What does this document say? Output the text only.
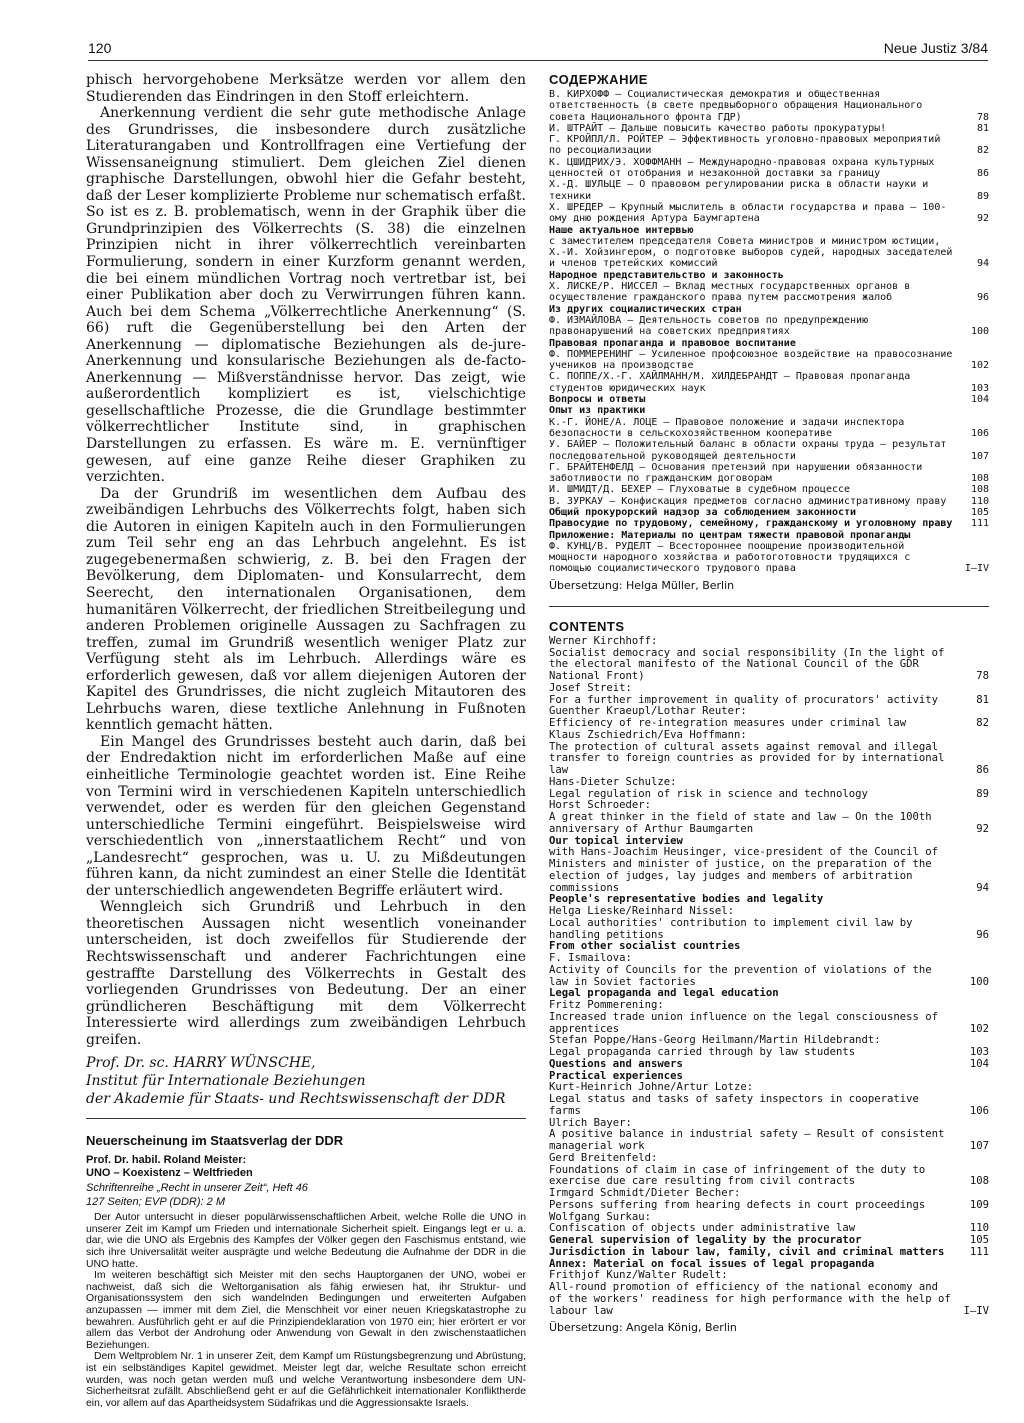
120	Neue Justiz 3/84

phisch hervorgehobene Merksätze werden vor allem den Studierenden das Eindringen in den Stoff erleichtern.

Anerkennung verdient die sehr gute methodische Anlage des Grundrisses, die insbesondere durch zusätzliche Literaturangaben und Kontrollfragen eine Vertiefung der Wissensaneignung stimuliert. Dem gleichen Ziel dienen graphische Darstellungen, obwohl hier die Gefahr besteht, daß der Leser komplizierte Probleme nur schematisch erfaßt. So ist es z. B. problematisch, wenn in der Graphik über die Grundprinzipien des Völkerrechts (S. 38) die einzelnen Prinzipien nicht in ihrer völkerrechtlich vereinbarten Formulierung, sondern in einer Kurzform genannt werden, die bei einem mündlichen Vortrag noch vertretbar ist, bei einer Publikation aber doch zu Verwirrungen führen kann. Auch bei dem Schema „Völkerrechtliche Anerkennung“ (S. 66) ruft die Gegenüberstellung bei den Arten der Anerkennung — diplomatische Beziehungen als de-jure-Anerkennung und konsularische Beziehungen als de-facto-Anerkennung — Mißverständnisse hervor. Das zeigt, wie außerordentlich kompliziert es ist, vielschichtige gesellschaftliche Prozesse, die die Grundlage bestimmter völkerrechtlicher Institute sind, in graphischen Darstellungen zu erfassen. Es wäre m. E. vernünftiger gewesen, auf eine ganze Reihe dieser Graphiken zu verzichten.

Da der Grundriß im wesentlichen dem Aufbau des zweibändigen Lehrbuchs des Völkerrechts folgt, haben sich die Autoren in einigen Kapiteln auch in den Formulierungen zum Teil sehr eng an das Lehrbuch angelehnt. Es ist zugegebenermaßen schwierig, z. B. bei den Fragen der Bevölkerung, dem Diplomaten- und Konsularrecht, dem Seerecht, den internationalen Organisationen, dem humanitären Völkerrecht, der friedlichen Streitbeilegung und anderen Problemen originelle Aussagen zu Sachfragen zu treffen, zumal im Grundriß wesentlich weniger Platz zur Verfügung steht als im Lehrbuch. Allerdings wäre es erforderlich gewesen, daß vor allem diejenigen Autoren der Kapitel des Grundrisses, die nicht zugleich Mitautoren des Lehrbuchs waren, diese textliche Anlehnung in Fußnoten kenntlich gemacht hätten.

Ein Mangel des Grundrisses besteht auch darin, daß bei der Endredaktion nicht im erforderlichen Maße auf eine einheitliche Terminologie geachtet worden ist. Eine Reihe von Termini wird in verschiedenen Kapiteln unterschiedlich verwendet, oder es werden für den gleichen Gegenstand unterschiedliche Termini eingeführt. Beispielsweise wird verschiedentlich von „innerstaatlichem Recht“ und von „Landesrecht“ gesprochen, was u. U. zu Mißdeutungen führen kann, da nicht zumindest an einer Stelle die Identität der unterschiedlich angewendeten Begriffe erläutert wird.

Wenngleich sich Grundriß und Lehrbuch in den theoretischen Aussagen nicht wesentlich voneinander unterscheiden, ist doch zweifellos für Studierende der Rechtswissenschaft und anderer Fachrichtungen eine gestraffte Darstellung des Völkerrechts in Gestalt des vorliegenden Grundrisses von Bedeutung. Der an einer gründlicheren Beschäftigung mit dem Völkerrecht Interessierte wird allerdings zum zweibändigen Lehrbuch greifen.

Prof. Dr. sc. HARRY WÜNSCHE,
Institut für Internationale Beziehungen
der Akademie für Staats- und Rechtswissenschaft der DDR
Neuerscheinung im Staatsverlag der DDR
Prof. Dr. habil. Roland Meister:
UNO – Koexistenz – Weltfrieden
Schriftenreihe „Recht in unserer Zeit“, Heft 46
127 Seiten; EVP (DDR): 2 M

Der Autor untersucht in dieser populärwissenschaftlichen Arbeit, welche Rolle die UNO in unserer Zeit im Kampf um Frieden und internationale Sicherheit spielt. Eingangs legt er u. a. dar, wie die UNO als Ergebnis des Kampfes der Völker gegen den Faschismus entstand, wie sich ihre Universalität weiter ausprägte und welche Bedeutung die Aufnahme der DDR in die UNO hatte.

Im weiteren beschäftigt sich Meister mit den sechs Hauptorganen der UNO, wobei er nachweist, daß sich die Weltorganisation als fähig erwiesen hat, ihr Struktur- und Organisationssystem den sich wandelnden Bedingungen und erweiterten Aufgaben anzupassen — immer mit dem Ziel, die Menschheit vor einer neuen Kriegskatastrophe zu bewahren. Ausführlich geht er auf die Prinzipiendeklaration von 1970 ein; hier erörtert er vor allem das Verbot der Androhung oder Anwendung von Gewalt in den zwischenstaatlichen Beziehungen.

Dem Weltproblem Nr. 1 in unserer Zeit, dem Kampf um Rüstungsbegrenzung und Abrüstung, ist ein selbständiges Kapitel gewidmet. Meister legt dar, welche Resultate schon erreicht wurden, was noch getan werden muß und welche Verantwortung insbesondere dem UN-Sicherheitsrat zufällt. Abschließend geht er auf die Gefährlichkeit internationaler Konfliktherde ein, vor allem auf das Apartheidsystem Südafrikas und die Aggressionsakte Israels.

СОДЕРЖАНИЕ
В. КИРХОФФ — Социалистическая демократия и общественная ответственность (в свете предвыборного обращения Национального совета Национального фронта ГДР)	78
И. ШТРАЙТ — Дальше повысить качество работы прокуратуры!	81
Г. КРОЙПЛ/Л. РОЙТЕР — Эффективность уголовно-правовых мероприятий по ресоциализации	82
К. ЦШИДРИХ/Э. ХОФФМАНН — Международно-правовая охрана культурных ценностей от отобрания и незаконной доставки за границу	86
Х.-Д. ШУЛЬЦЕ — О правовом регулировании риска в области науки и техники	89
Х. ШРЕДЕР — Крупный мыслитель в области государства и права — 100-ому дню рождения Артура Баумгартена	92
Наше актуальное интервью
с заместителем председателя Совета министров и министром юстиции, Х.-И. Хойзингером, о подготовке выборов судей, народных заседателей и членов третейских комиссий	94
Народное представительство и законность
Х. ЛИСКЕ/Р. НИССЕЛ — Вклад местных государственных органов в осуществление гражданского права путем рассмотрения жалоб	96
Из других социалистических стран
Ф. ИЗМАЙЛОВА — Деятельность советов по предупреждению правонарушений на советских предприятиях	100
Правовая пропаганда и правовое воспитание
Ф. ПОММЕРЕНИНГ — Усиленное профсоюзное воздействие на правосознание учеников на производстве	102
С. ПОППЕ/Х.-Г. ХАЙЛМАНН/М. ХИЛДЕБРАНДТ — Правовая пропаганда студентов юридических наук	103
Вопросы и ответы	104
Опыт из практики
К.-Г. ЙОНЕ/А. ЛОЦЕ — Правовое положение и задачи инспектора безопасности в сельскохозяйственном кооперативе	106
У. БАЙЕР — Положительный баланс в области охраны труда — результат последовательной руководящей деятельности	107
Г. БРАЙТЕНФЕЛД — Основания претензий при нарушении обязанности заботливости по гражданским договорам	108
И. ШМИДТ/Д. БЕХЕР — Глуховатые в судебном процессе	108
В. ЗУРКАУ — Конфискация предметов согласно административному праву	110
Общий прокурорский надзор за соблюдением законности	105
Правосудие по трудовому, семейному, гражданскому и уголовному праву	111
Приложение: Материалы по центрам тяжести правовой пропаганды
Ф. КУНЦ/В. РУДЕЛТ — Всестороннее поощрение производительной мощности народного хозяйства и работоготовности трудящихся с помощью социалистического трудового права	I–IV
Übersetzung: Helga Müller, Berlin
CONTENTS
Werner Kirchhoff:
Socialist democracy and social responsibility (In the light of the electoral manifesto of the National Council of the GDR National Front)	78
Josef Streit:
For a further improvement in quality of procurators' activity	81
Guenther Kraeupl/Lothar Reuter:
Efficiency of re-integration measures under criminal law	82
Klaus Zschiedrich/Eva Hoffmann:
The protection of cultural assets against removal and illegal transfer to foreign countries as provided for by international law	86
Hans-Dieter Schulze:
Legal regulation of risk in science and technology	89
Horst Schroeder:
A great thinker in the field of state and law — On the 100th anniversary of Arthur Baumgarten	92
Our topical interview
with Hans-Joachim Heusinger, vice-president of the Council of Ministers and minister of justice, on the preparation of the election of judges, lay judges and members of arbitration commissions	94
People's representative bodies and legality
Helga Lieske/Reinhard Nissel:
Local authorities' contribution to implement civil law by handling petitions	96
From other socialist countries
F. Ismailova:
Activity of Councils for the prevention of violations of the law in Soviet factories	100
Legal propaganda and legal education
Fritz Pommerening:
Increased trade union influence on the legal consciousness of apprentices	102
Stefan Poppe/Hans-Georg Heilmann/Martin Hildebrandt:
Legal propaganda carried through by law students	103
Questions and answers	104
Practical experiences
Kurt-Heinrich Johne/Artur Lotze:
Legal status and tasks of safety inspectors in cooperative farms	106
Ulrich Bayer:
A positive balance in industrial safety — Result of consistent managerial work	107
Gerd Breitenfeld:
Foundations of claim in case of infringement of the duty to exercise due care resulting from civil contracts	108
Irmgard Schmidt/Dieter Becher:
Persons suffering from hearing defects in court proceedings	109
Wolfgang Surkau:
Confiscation of objects under administrative law	110
General supervision of legality by the procurator	105
Jurisdiction in labour law, family, civil and criminal matters	111
Annex: Material on focal issues of legal propaganda
Frithjof Kunz/Walter Rudelt:
All-round promotion of efficiency of the national economy and of the workers' readiness for high performance with the help of labour law	I–IV
Übersetzung: Angela König, Berlin
